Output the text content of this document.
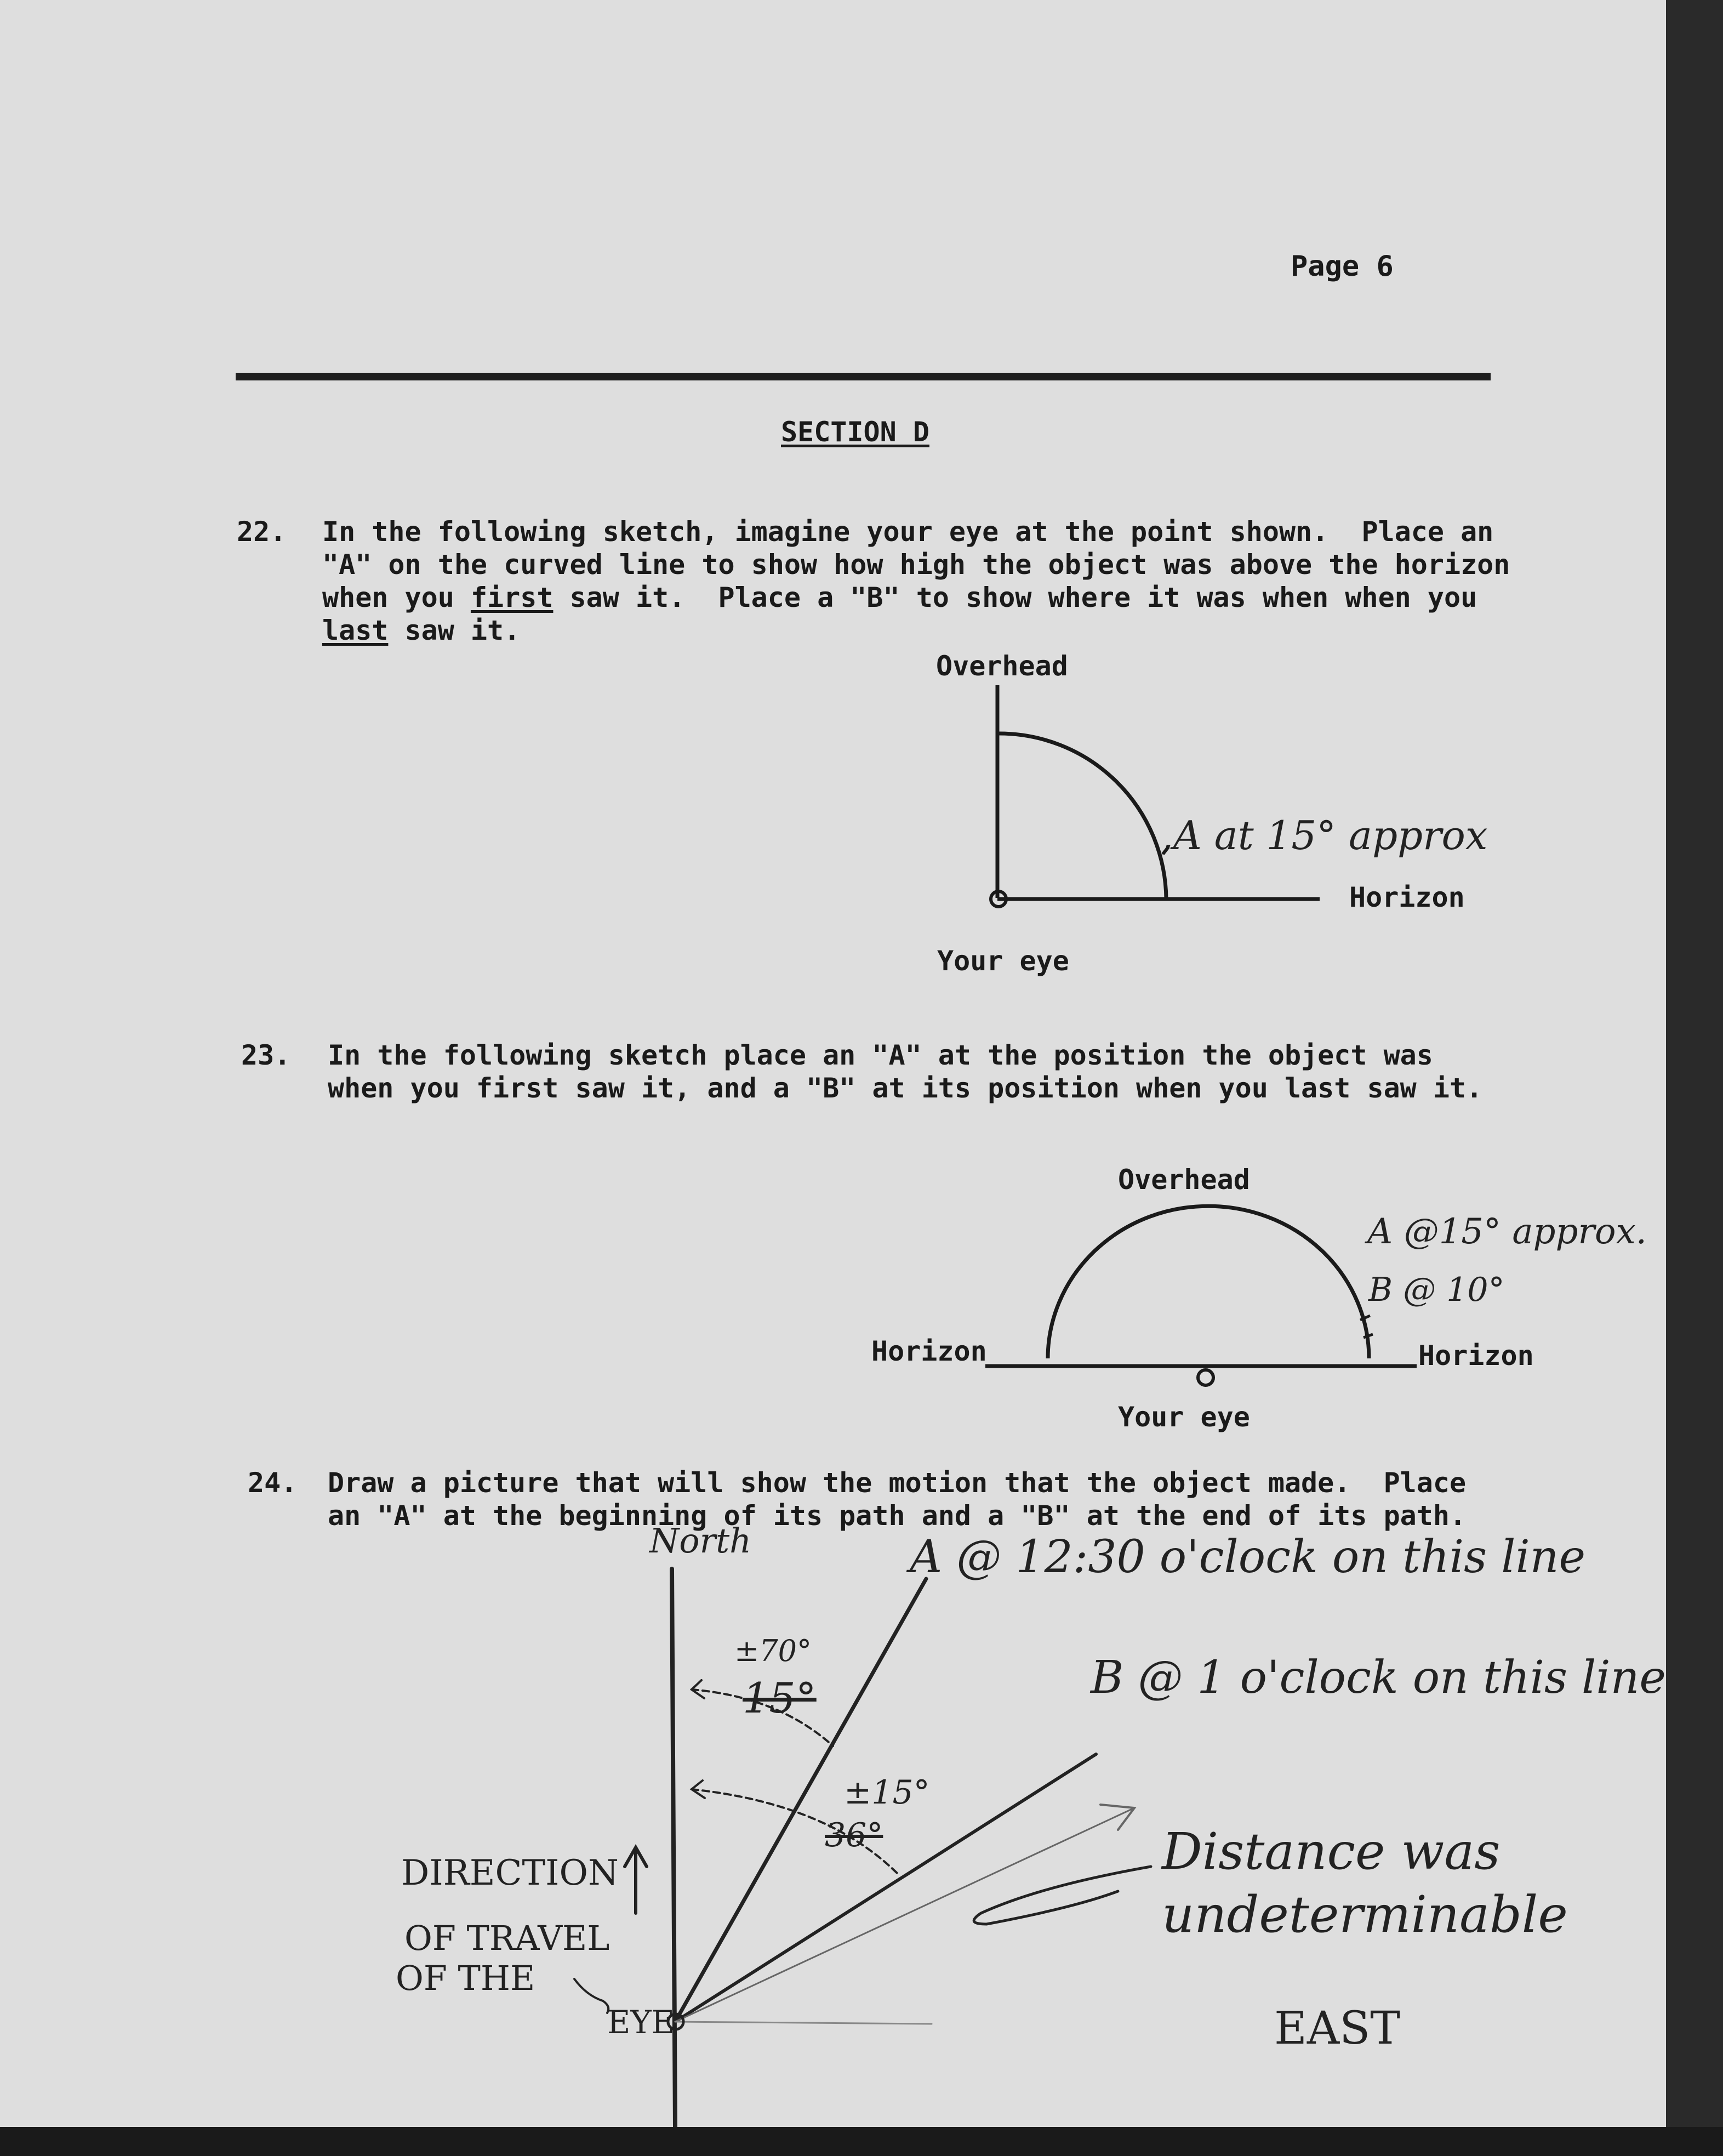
Page 6
SECTION D
22. In the following sketch, imagine your eye at the point shown.  Place an
"A" on the curved line to show how high the object was above the horizon
when you first saw it.  Place a "B" to show where it was when when you
last saw it.
Overhead
Horizon
Your eye
,A at 15° approx
23. In the following sketch place an "A" at the position the object was
when you first saw it, and a "B" at its position when you last saw it.
Overhead
Horizon	Horizon
Your eye
A @15° approx.
B @ 10°
24. Draw a picture that will show the motion that the object made.  Place
an "A" at the beginning of its path and a "B" at the end of its path.
North	A @ 12:30 o'clock on this line
B @ 1 o'clock on this line
±70°
15°
±15°
36°	Distance was undeterminable
DIRECTION
OF TRAVEL
OF THE
EYE	EAST
